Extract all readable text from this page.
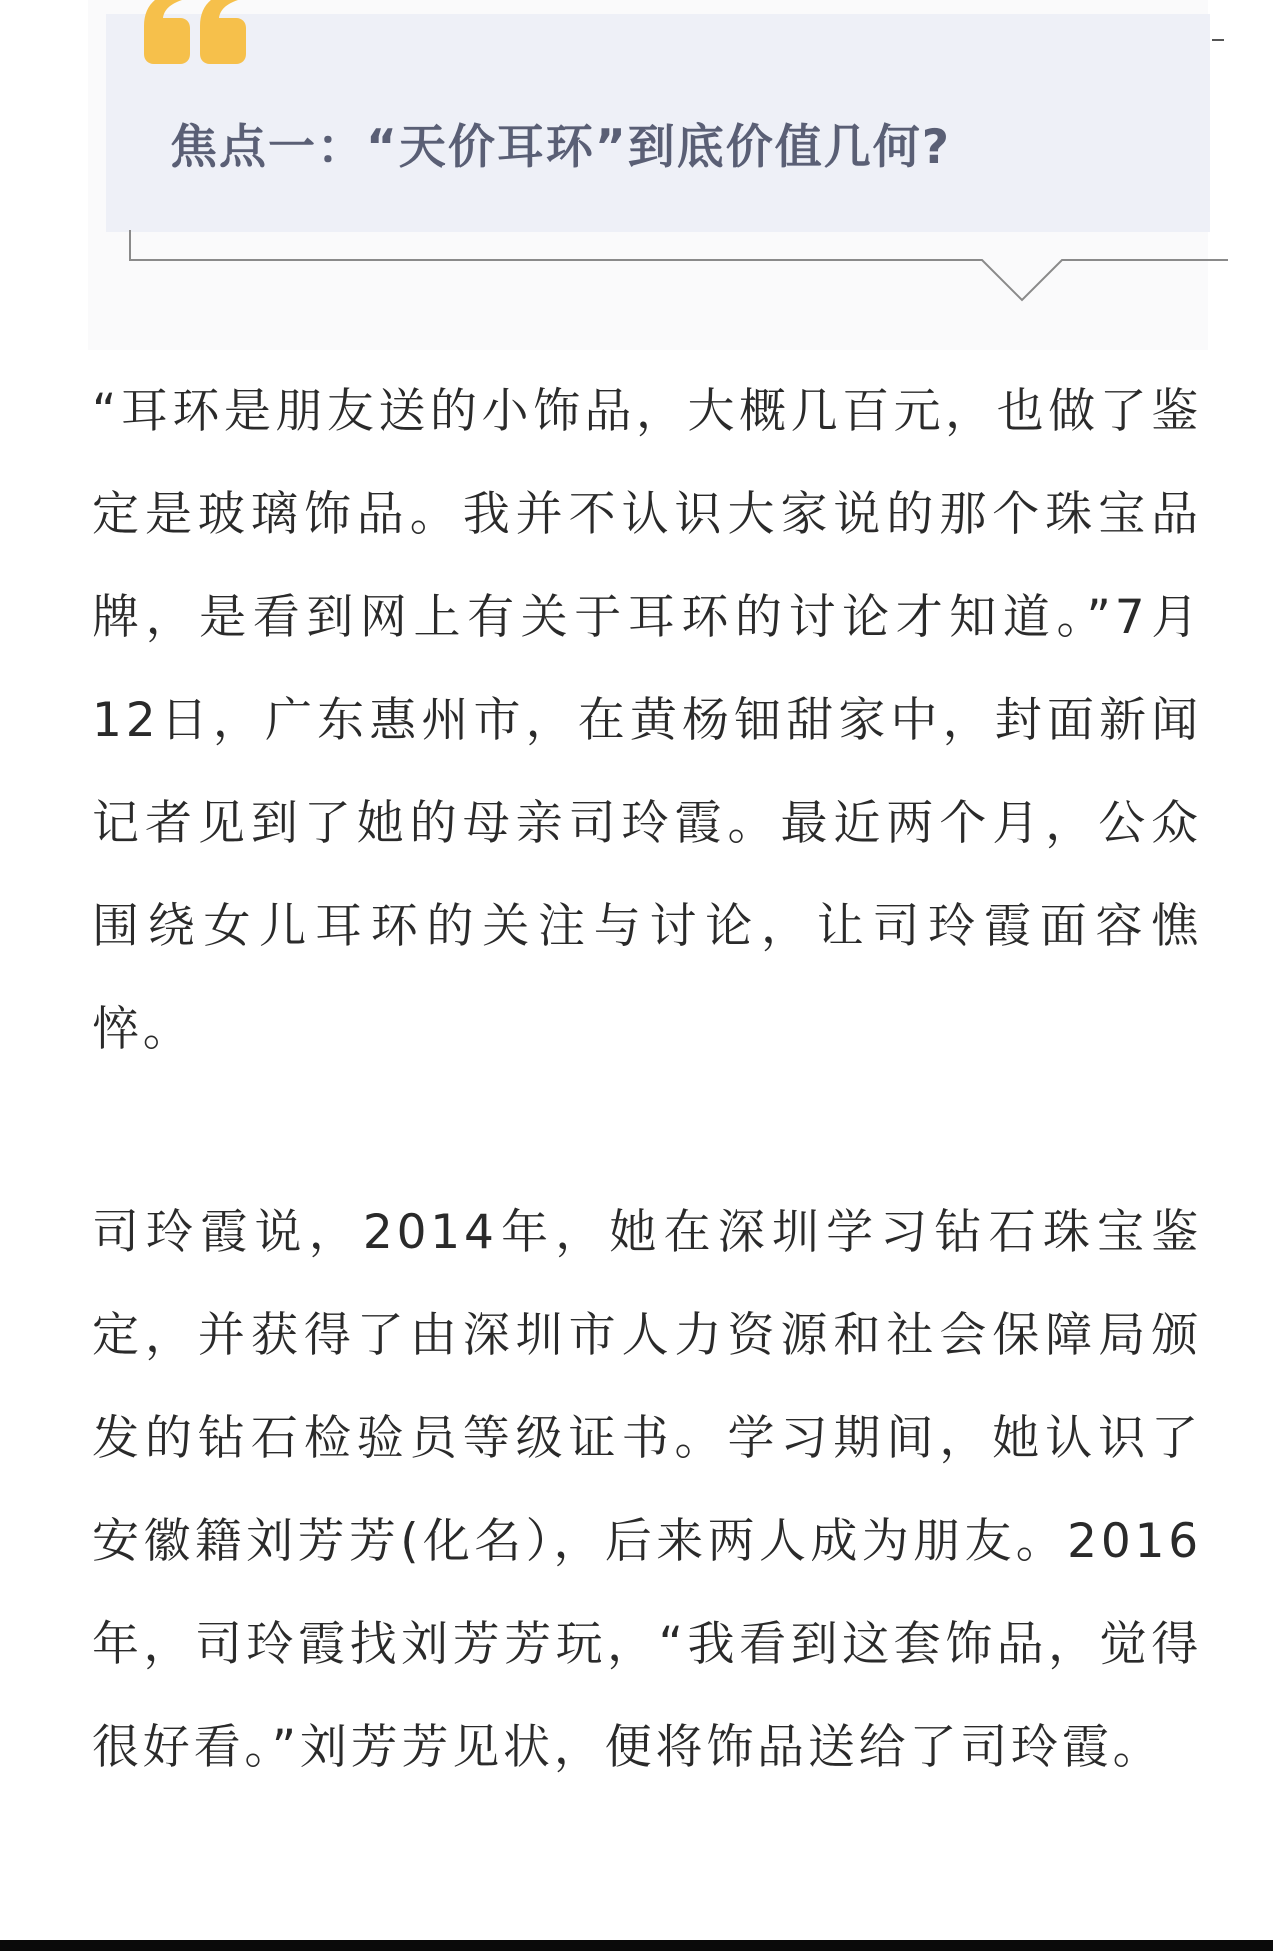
焦点一：“天价耳环”到底价值几何?

“耳环是朋友送的小饰品，大概几百元，也做了鉴定是玻璃饰品。我并不认识大家说的那个珠宝品牌，是看到网上有关于耳环的讨论才知道。”7月12日，广东惠州市，在黄杨钿甜家中，封面新闻记者见到了她的母亲司玲霞。最近两个月，公众围绕女儿耳环的关注与讨论，让司玲霞面容憔悴。

司玲霞说，2014年，她在深圳学习钻石珠宝鉴定，并获得了由深圳市人力资源和社会保障局颁发的钻石检验员等级证书。学习期间，她认识了安徽籍刘芳芳(化名），后来两人成为朋友。2016年，司玲霞找刘芳芳玩，“我看到这套饰品，觉得很好看。”刘芳芳见状，便将饰品送给了司玲霞。
